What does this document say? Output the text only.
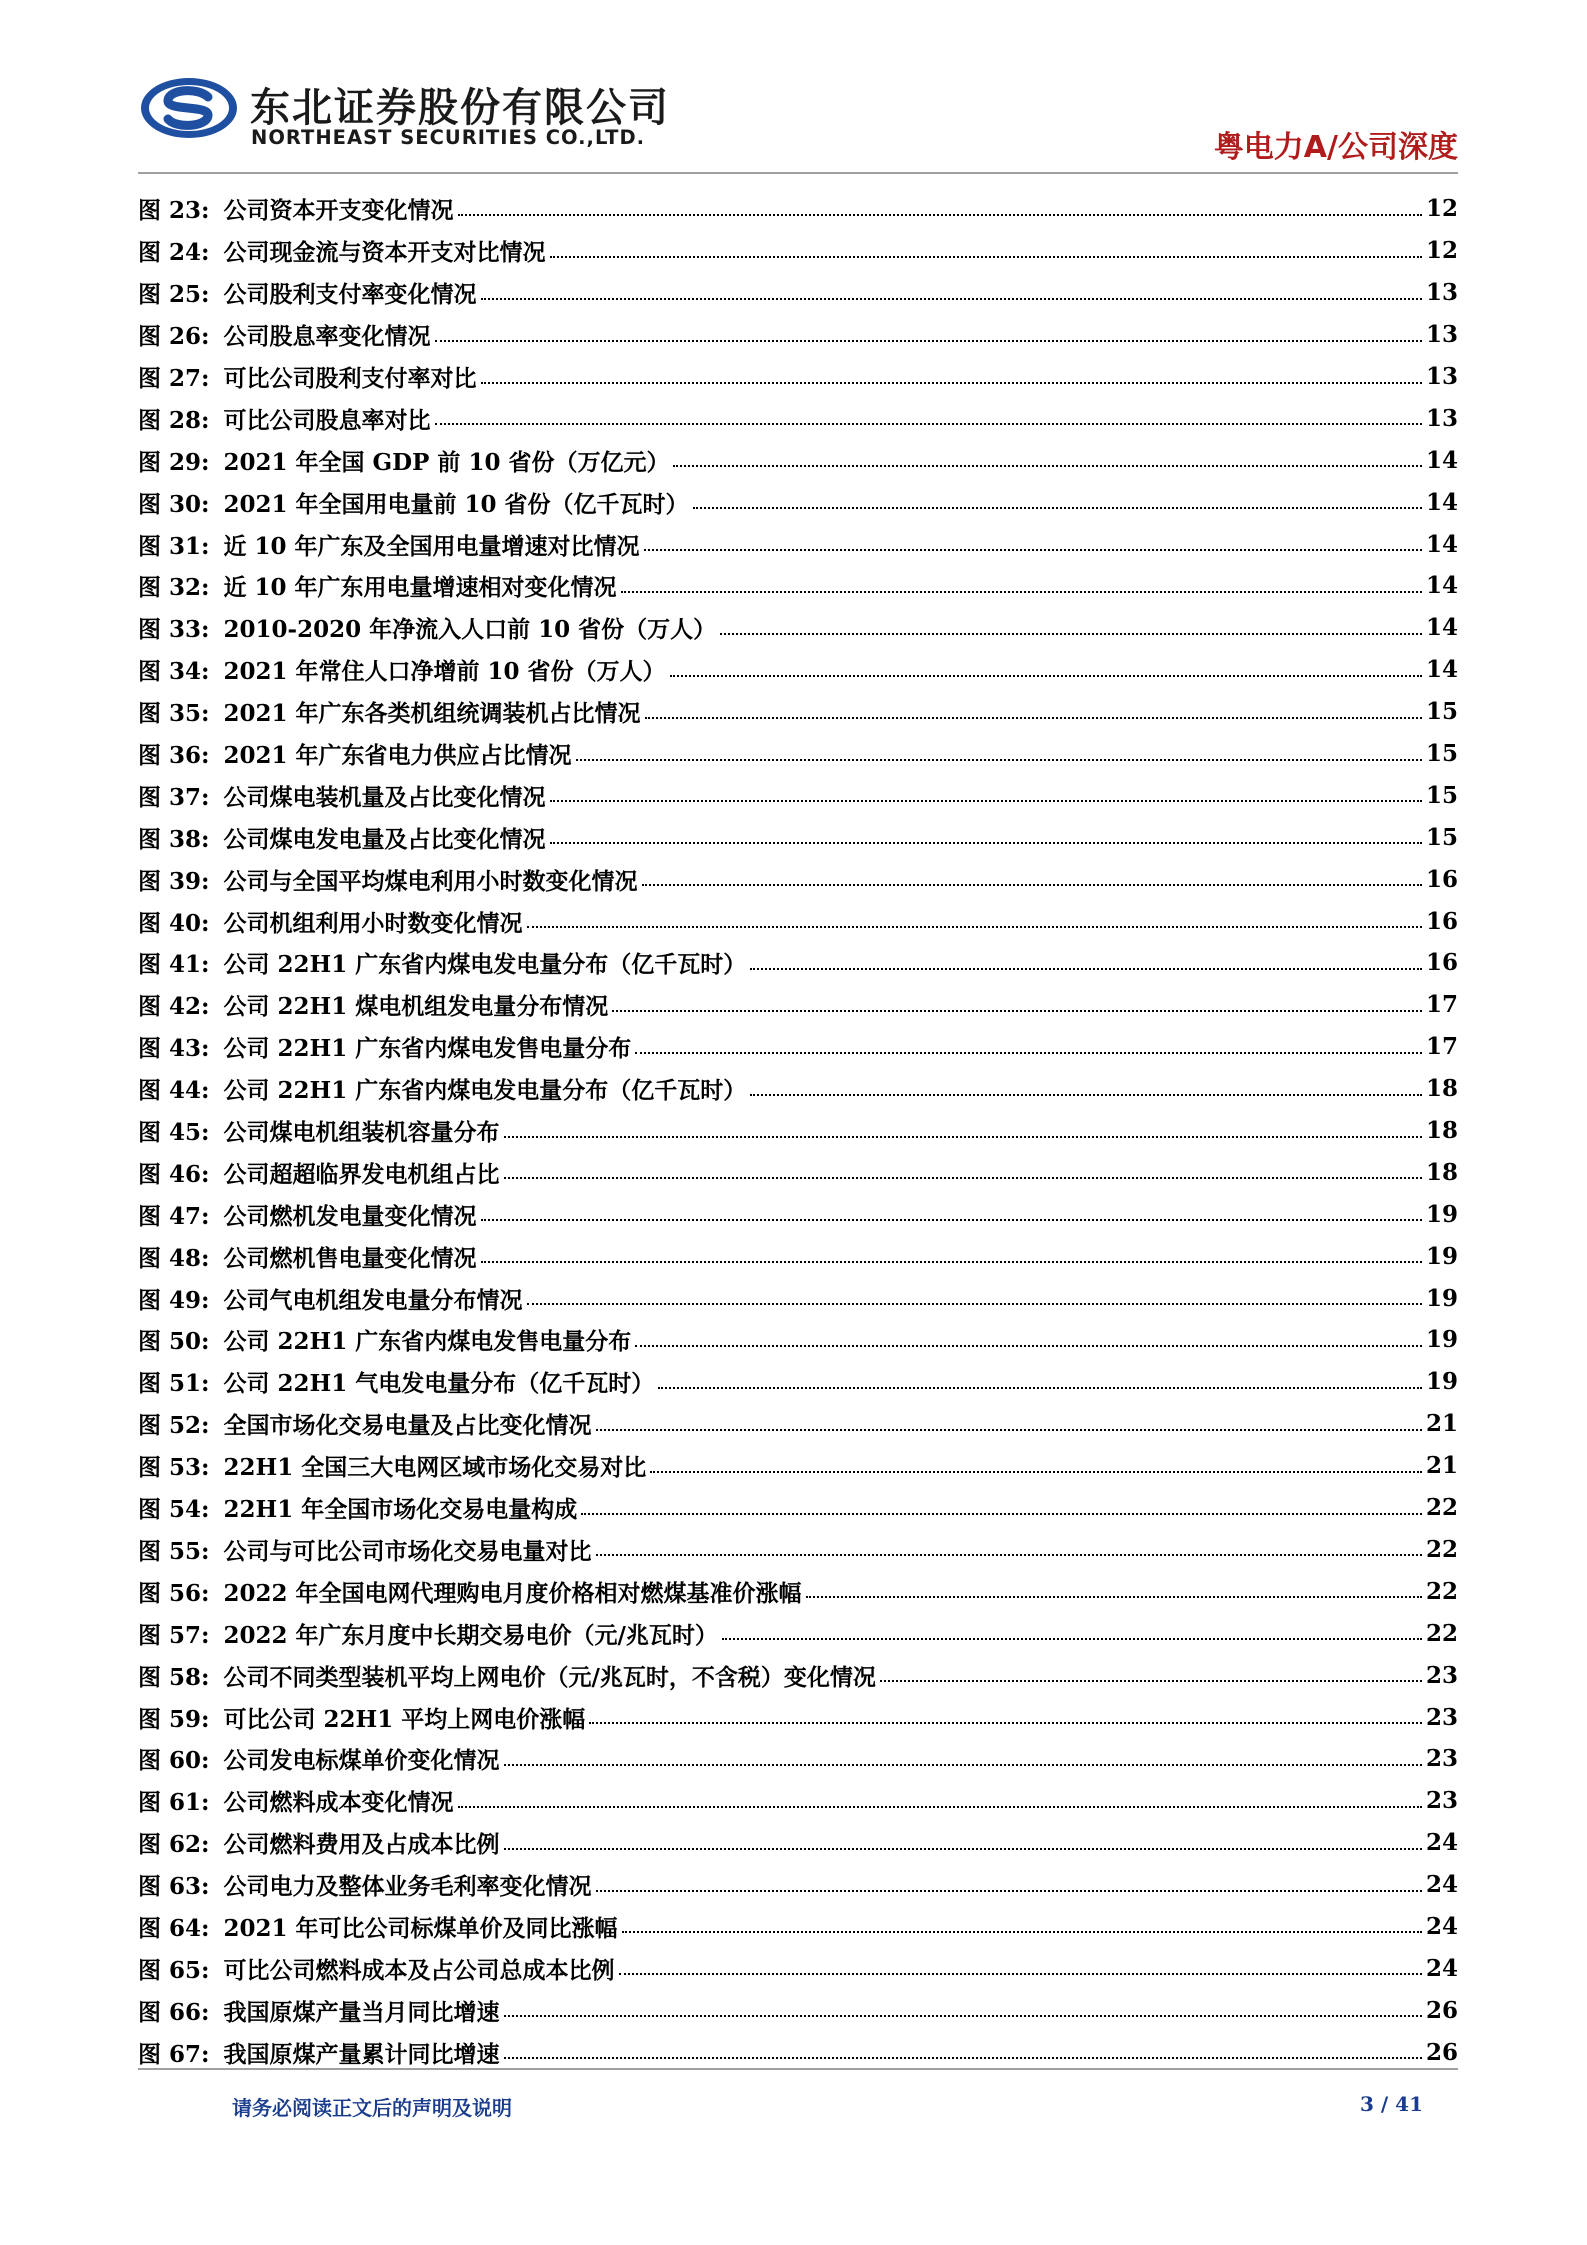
东北证券股份有限公司
NORTHEAST SECURITIES CO.,LTD.	粤电力A/公司深度
图 23: 公司资本开支变化情况	12
图 24: 公司现金流与资本开支对比情况	12
图 25: 公司股利支付率变化情况	13
图 26: 公司股息率变化情况	13
图 27: 可比公司股利支付率对比	13
图 28: 可比公司股息率对比	13
图 29: 2021 年全国 GDP 前 10 省份（万亿元）	14
图 30: 2021 年全国用电量前 10 省份（亿千瓦时）	14
图 31: 近 10 年广东及全国用电量增速对比情况	14
图 32: 近 10 年广东用电量增速相对变化情况	14
图 33: 2010-2020 年净流入人口前 10 省份（万人）	14
图 34: 2021 年常住人口净增前 10 省份（万人）	14
图 35: 2021 年广东各类机组统调装机占比情况	15
图 36: 2021 年广东省电力供应占比情况	15
图 37: 公司煤电装机量及占比变化情况	15
图 38: 公司煤电发电量及占比变化情况	15
图 39: 公司与全国平均煤电利用小时数变化情况	16
图 40: 公司机组利用小时数变化情况	16
图 41: 公司 22H1 广东省内煤电发电量分布（亿千瓦时）	16
图 42: 公司 22H1 煤电机组发电量分布情况	17
图 43: 公司 22H1 广东省内煤电发售电量分布	17
图 44: 公司 22H1 广东省内煤电发电量分布（亿千瓦时）	18
图 45: 公司煤电机组装机容量分布	18
图 46: 公司超超临界发电机组占比	18
图 47: 公司燃机发电量变化情况	19
图 48: 公司燃机售电量变化情况	19
图 49: 公司气电机组发电量分布情况	19
图 50: 公司 22H1 广东省内煤电发售电量分布	19
图 51: 公司 22H1 气电发电量分布（亿千瓦时）	19
图 52: 全国市场化交易电量及占比变化情况	21
图 53: 22H1 全国三大电网区域市场化交易对比	21
图 54: 22H1 年全国市场化交易电量构成	22
图 55: 公司与可比公司市场化交易电量对比	22
图 56: 2022 年全国电网代理购电月度价格相对燃煤基准价涨幅	22
图 57: 2022 年广东月度中长期交易电价（元/兆瓦时）	22
图 58: 公司不同类型装机平均上网电价（元/兆瓦时，不含税）变化情况	23
图 59: 可比公司 22H1 平均上网电价涨幅	23
图 60: 公司发电标煤单价变化情况	23
图 61: 公司燃料成本变化情况	23
图 62: 公司燃料费用及占成本比例	24
图 63: 公司电力及整体业务毛利率变化情况	24
图 64: 2021 年可比公司标煤单价及同比涨幅	24
图 65: 可比公司燃料成本及占公司总成本比例	24
图 66: 我国原煤产量当月同比增速	26
图 67: 我国原煤产量累计同比增速	26
请务必阅读正文后的声明及说明	3 / 41
